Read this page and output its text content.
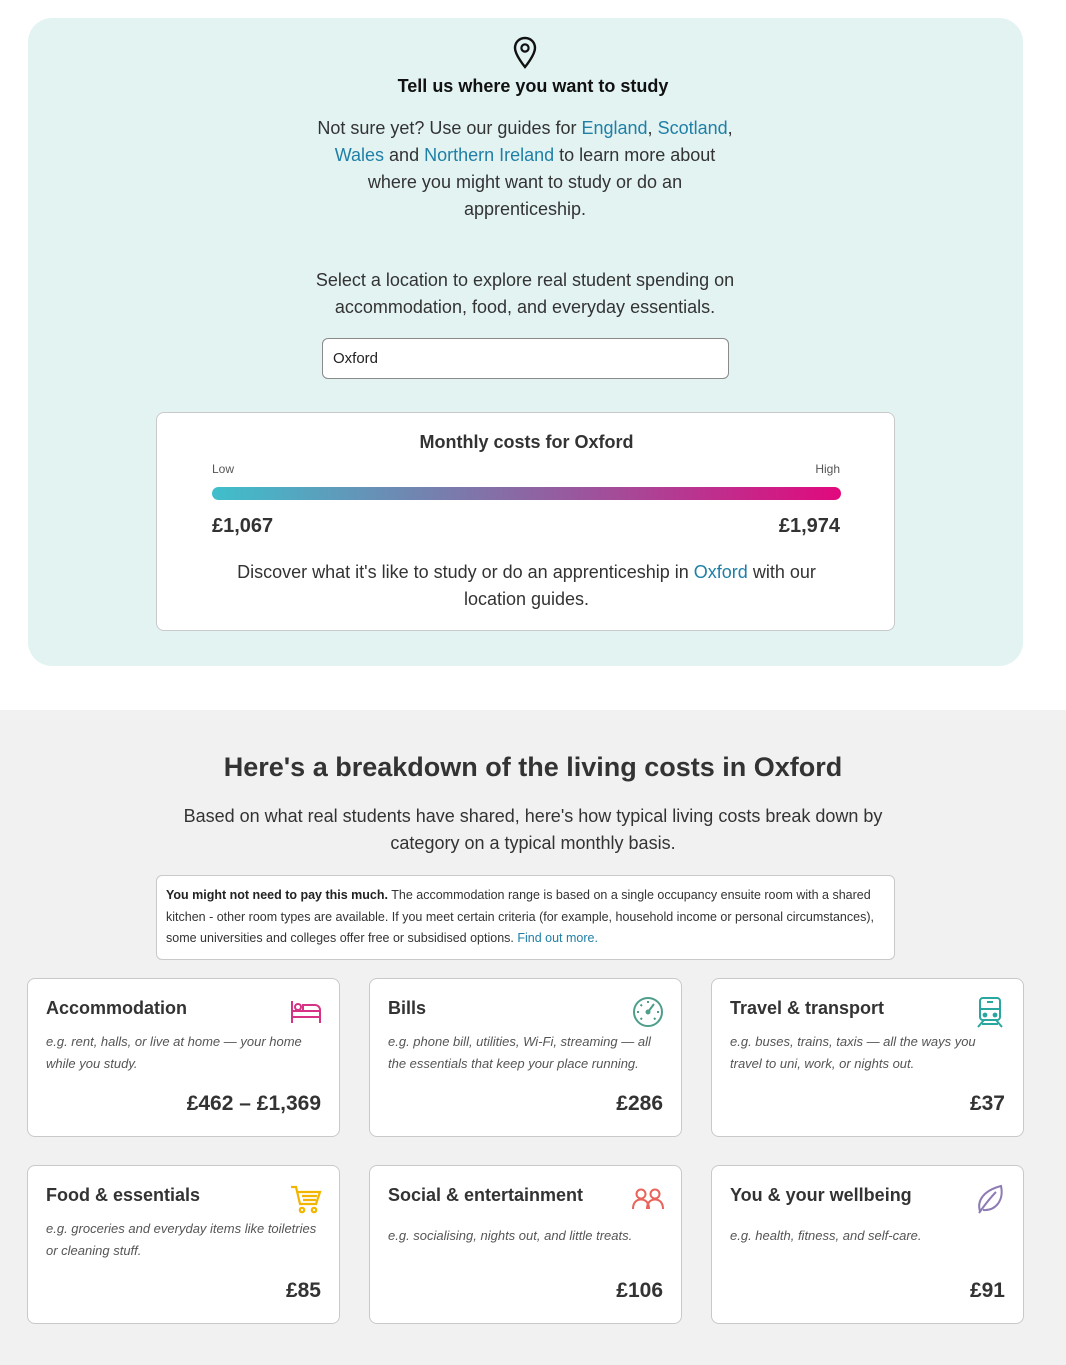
Tell us where you want to study
Not sure yet? Use our guides for England, Scotland, Wales and Northern Ireland to learn more about where you might want to study or do an apprenticeship.
Select a location to explore real student spending on accommodation, food, and everyday essentials.
Oxford
Monthly costs for Oxford
Low	High
£1,067	£1,974
Discover what it's like to study or do an apprenticeship in Oxford with our location guides.
Here's a breakdown of the living costs in Oxford
Based on what real students have shared, here's how typical living costs break down by category on a typical monthly basis.
You might not need to pay this much. The accommodation range is based on a single occupancy ensuite room with a shared kitchen - other room types are available. If you meet certain criteria (for example, household income or personal circumstances), some universities and colleges offer free or subsidised options. Find out more.
Accommodation
e.g. rent, halls, or live at home — your home while you study.
£462 – £1,369
Bills
e.g. phone bill, utilities, Wi-Fi, streaming — all the essentials that keep your place running.
£286
Travel & transport
e.g. buses, trains, taxis — all the ways you travel to uni, work, or nights out.
£37
Food & essentials
e.g. groceries and everyday items like toiletries or cleaning stuff.
£85
Social & entertainment
e.g. socialising, nights out, and little treats.
£106
You & your wellbeing
e.g. health, fitness, and self-care.
£91
